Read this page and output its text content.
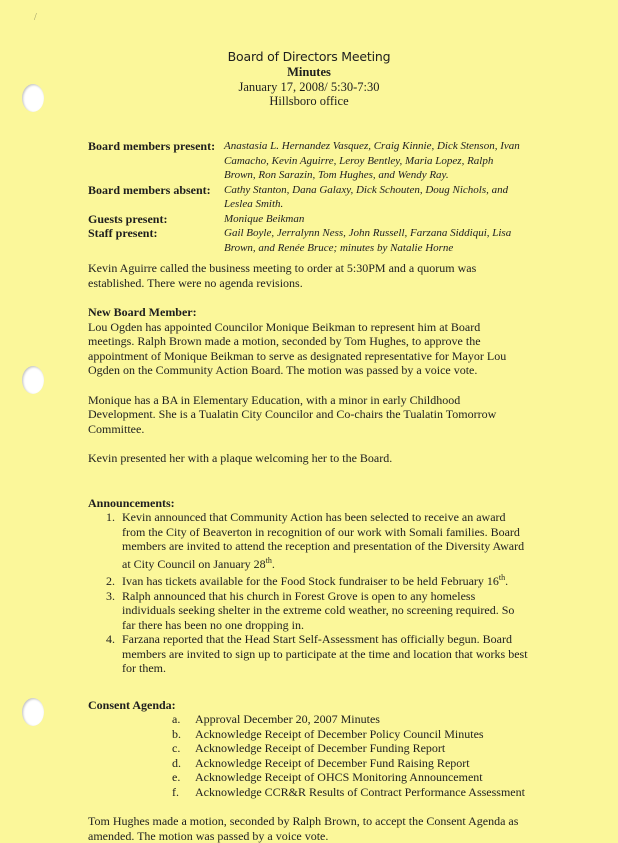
/
Board of Directors Meeting
Minutes
January 17, 2008/ 5:30-7:30
Hillsboro office
Board members present: Anastasia L. Hernandez Vasquez, Craig Kinnie, Dick Stenson, Ivan Camacho, Kevin Aguirre, Leroy Bentley, Maria Lopez, Ralph Brown, Ron Sarazin, Tom Hughes, and Wendy Ray.
Board members absent:	Cathy Stanton, Dana Galaxy, Dick Schouten, Doug Nichols, and Leslea Smith.
Guests present:	Monique Beikman
Staff present:	Gail Boyle, Jerralynn Ness, John Russell, Farzana Siddiqui, Lisa Brown, and Renée Bruce; minutes by Natalie Horne

Kevin Aguirre called the business meeting to order at 5:30PM and a quorum was established. There were no agenda revisions.

New Board Member:

Lou Ogden has appointed Councilor Monique Beikman to represent him at Board meetings. Ralph Brown made a motion, seconded by Tom Hughes, to approve the appointment of Monique Beikman to serve as designated representative for Mayor Lou Ogden on the Community Action Board. The motion was passed by a voice vote.

Monique has a BA in Elementary Education, with a minor in early Childhood Development. She is a Tualatin City Councilor and Co-chairs the Tualatin Tomorrow Committee.

Kevin presented her with a plaque welcoming her to the Board.

Announcements:

1. Kevin announced that Community Action has been selected to receive an award from the City of Beaverton in recognition of our work with Somali families. Board members are invited to attend the reception and presentation of the Diversity Award at City Council on January 28th.
2. Ivan has tickets available for the Food Stock fundraiser to be held February 16th.
3. Ralph announced that his church in Forest Grove is open to any homeless individuals seeking shelter in the extreme cold weather, no screening required. So far there has been no one dropping in.
4. Farzana reported that the Head Start Self-Assessment has officially begun. Board members are invited to sign up to participate at the time and location that works best for them.

Consent Agenda:

a.	Approval December 20, 2007 Minutes
b.	Acknowledge Receipt of December Policy Council Minutes
c.	Acknowledge Receipt of December Funding Report
d.	Acknowledge Receipt of December Fund Raising Report
e.	Acknowledge Receipt of OHCS Monitoring Announcement
f.	Acknowledge CCR&R Results of Contract Performance Assessment

Tom Hughes made a motion, seconded by Ralph Brown, to accept the Consent Agenda as amended. The motion was passed by a voice vote.
